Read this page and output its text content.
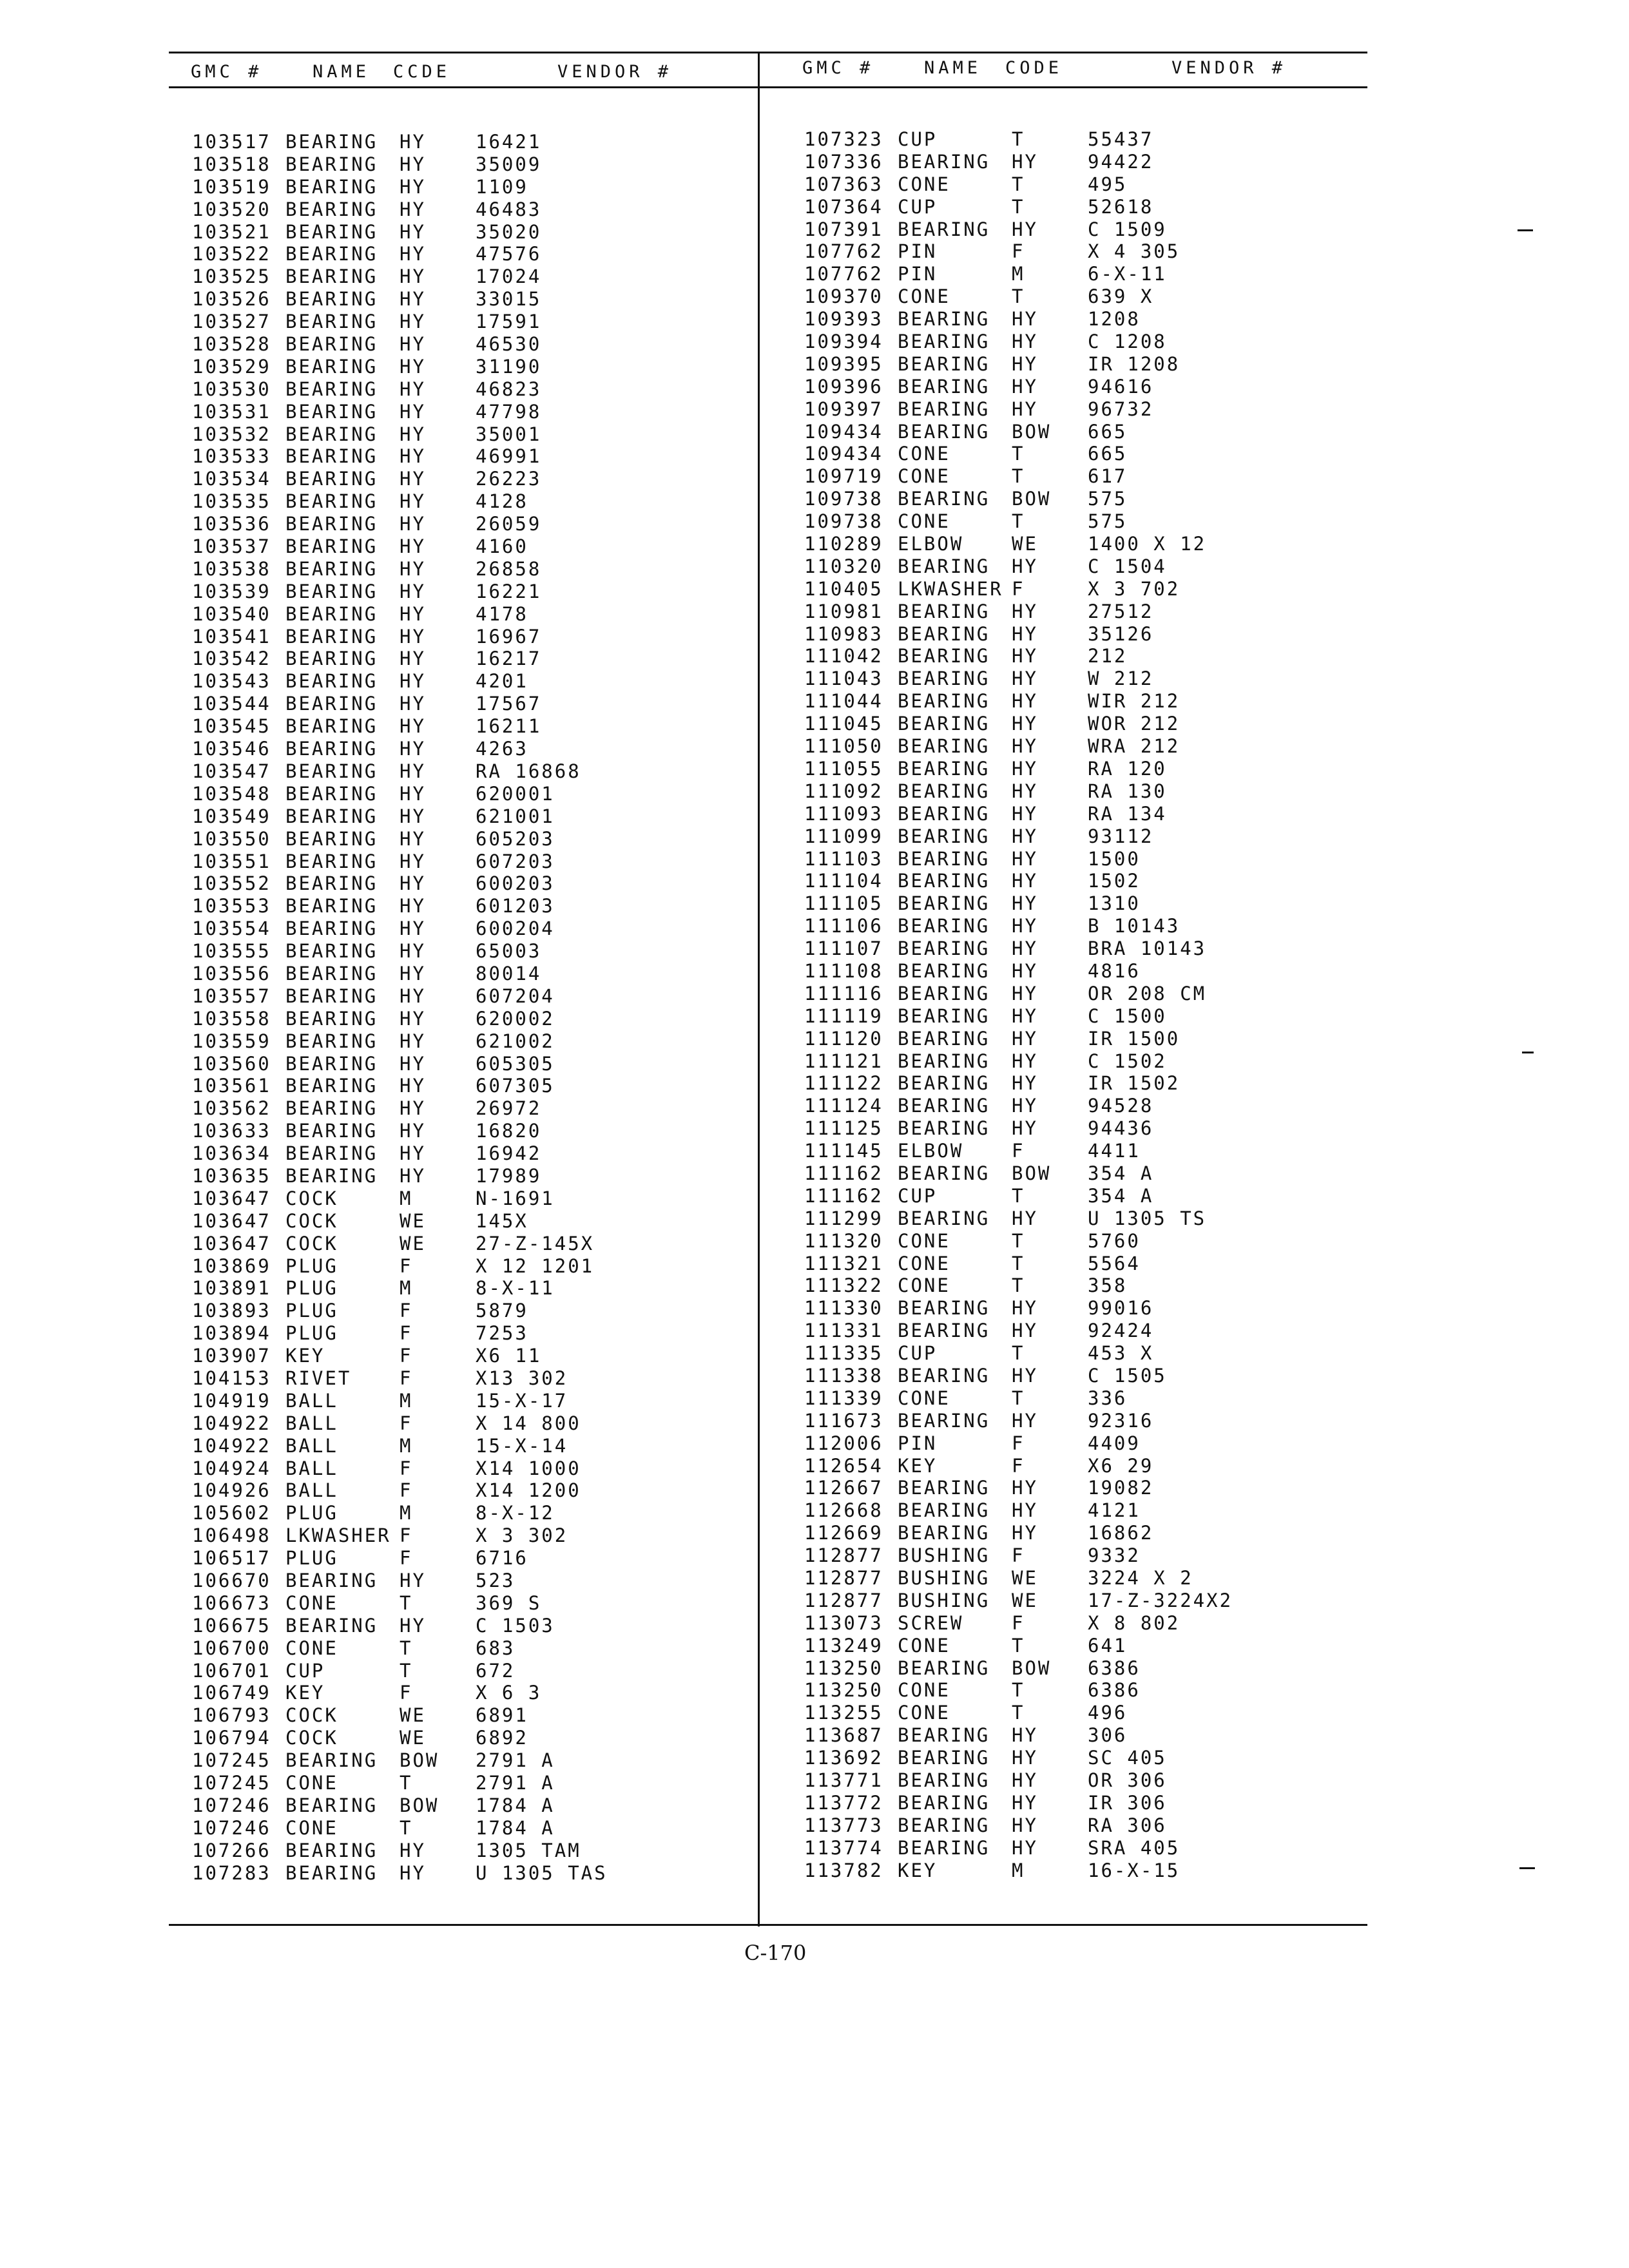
GMC #	NAME CCDE	VENDOR #	GMC #	NAME CODE	VENDOR #
103517 BEARING HY	16421
103518 BEARING HY	35009
103519 BEARING HY	1109
103520 BEARING HY	46483
103521 BEARING HY	35020
103522 BEARING HY	47576
103525 BEARING HY	17024
103526 BEARING HY	33015
103527 BEARING HY	17591
103528 BEARING HY	46530
103529 BEARING HY	31190
103530 BEARING HY	46823
103531 BEARING HY	47798
103532 BEARING HY	35001
103533 BEARING HY	46991
103534 BEARING HY	26223
103535 BEARING HY	4128
103536 BEARING HY	26059
103537 BEARING HY	4160
103538 BEARING HY	26858
103539 BEARING HY	16221
103540 BEARING HY	4178
103541 BEARING HY	16967
103542 BEARING HY	16217
103543 BEARING HY	4201
103544 BEARING HY	17567
103545 BEARING HY	16211
103546 BEARING HY	4263
103547 BEARING HY	RA 16868
103548 BEARING HY	620001
103549 BEARING HY	621001
103550 BEARING HY	605203
103551 BEARING HY	607203
103552 BEARING HY	600203
103553 BEARING HY	601203
103554 BEARING HY	600204
103555 BEARING HY	65003
103556 BEARING HY	80014
103557 BEARING HY	607204
103558 BEARING HY	620002
103559 BEARING HY	621002
103560 BEARING HY	605305
103561 BEARING HY	607305
103562 BEARING HY	26972
103633 BEARING HY	16820
103634 BEARING HY	16942
103635 BEARING HY	17989
103647 COCK	M	N-1691
103647 COCK	WE	145X
103647 COCK	WE	27-Z-145X
103869 PLUG	F	X 12 1201
103891 PLUG	M	8-X-11
103893 PLUG	F	5879
103894 PLUG	F	7253
103907 KEY	F	X6 11
104153 RIVET	F	X13 302
104919 BALL	M	15-X-17
104922 BALL	F	X 14 800
104922 BALL	M	15-X-14
104924 BALL	F	X14 1000
104926 BALL	F	X14 1200
105602 PLUG	M	8-X-12
106498 LKWASHER F	X 3 302
106517 PLUG	F	6716
106670 BEARING HY	523
106673 CONE	T	369 S
106675 BEARING HY	C 1503
106700 CONE	T	683
106701 CUP	T	672
106749 KEY	F	X 6 3
106793 COCK	WE	6891
106794 COCK	WE	6892
107245 BEARING BOW 2791 A
107245 CONE	T	2791 A
107246 BEARING BOW 1784 A
107246 CONE	T	1784 A
107266 BEARING HY	1305 TAM
107283 BEARING HY	U 1305 TAS
107323 CUP	T	55437
107336 BEARING HY	94422
107363 CONE	T	495
107364 CUP	T	52618
107391 BEARING HY	C 1509
107762 PIN	F	X 4 305
107762 PIN	M	6-X-11
109370 CONE	T	639 X
109393 BEARING HY	1208
109394 BEARING HY	C 1208
109395 BEARING HY	IR 1208
109396 BEARING HY	94616
109397 BEARING HY	96732
109434 BEARING BOW 665
109434 CONE	T	665
109719 CONE	T	617
109738 BEARING BOW 575
109738 CONE	T	575
110289 ELBOW	WE	1400 X 12
110320 BEARING HY	C 1504
110405 LKWASHER F	X 3 702
110981 BEARING HY	27512
110983 BEARING HY	35126
111042 BEARING HY	212
111043 BEARING HY	W 212
111044 BEARING HY	WIR 212
111045 BEARING HY	WOR 212
111050 BEARING HY	WRA 212
111055 BEARING HY	RA 120
111092 BEARING HY	RA 130
111093 BEARING HY	RA 134
111099 BEARING HY	93112
111103 BEARING HY	1500
111104 BEARING HY	1502
111105 BEARING HY	1310
111106 BEARING HY	B 10143
111107 BEARING HY	BRA 10143
111108 BEARING HY	4816
111116 BEARING HY	OR 208 CM
111119 BEARING HY	C 1500
111120 BEARING HY	IR 1500
111121 BEARING HY	C 1502
111122 BEARING HY	IR 1502
111124 BEARING HY	94528
111125 BEARING HY	94436
111145 ELBOW	F	4411
111162 BEARING BOW 354 A
111162 CUP	T	354 A
111299 BEARING HY	U 1305 TS
111320 CONE	T	5760
111321 CONE	T	5564
111322 CONE	T	358
111330 BEARING HY	99016
111331 BEARING HY	92424
111335 CUP	T	453 X
111338 BEARING HY	C 1505
111339 CONE	T	336
111673 BEARING HY	92316
112006 PIN	F	4409
112654 KEY	F	X6 29
112667 BEARING HY	19082
112668 BEARING HY	4121
112669 BEARING HY	16862
112877 BUSHING F	9332
112877 BUSHING WE	3224 X 2
112877 BUSHING WE	17-Z-3224X2
113073 SCREW	F	X 8 802
113249 CONE	T	641
113250 BEARING BOW 6386
113250 CONE	T	6386
113255 CONE	T	496
113687 BEARING HY	306
113692 BEARING HY	SC 405
113771 BEARING HY	OR 306
113772 BEARING HY	IR 306
113773 BEARING HY	RA 306
113774 BEARING HY	SRA 405
113782 KEY	M	16-X-15
C-170
